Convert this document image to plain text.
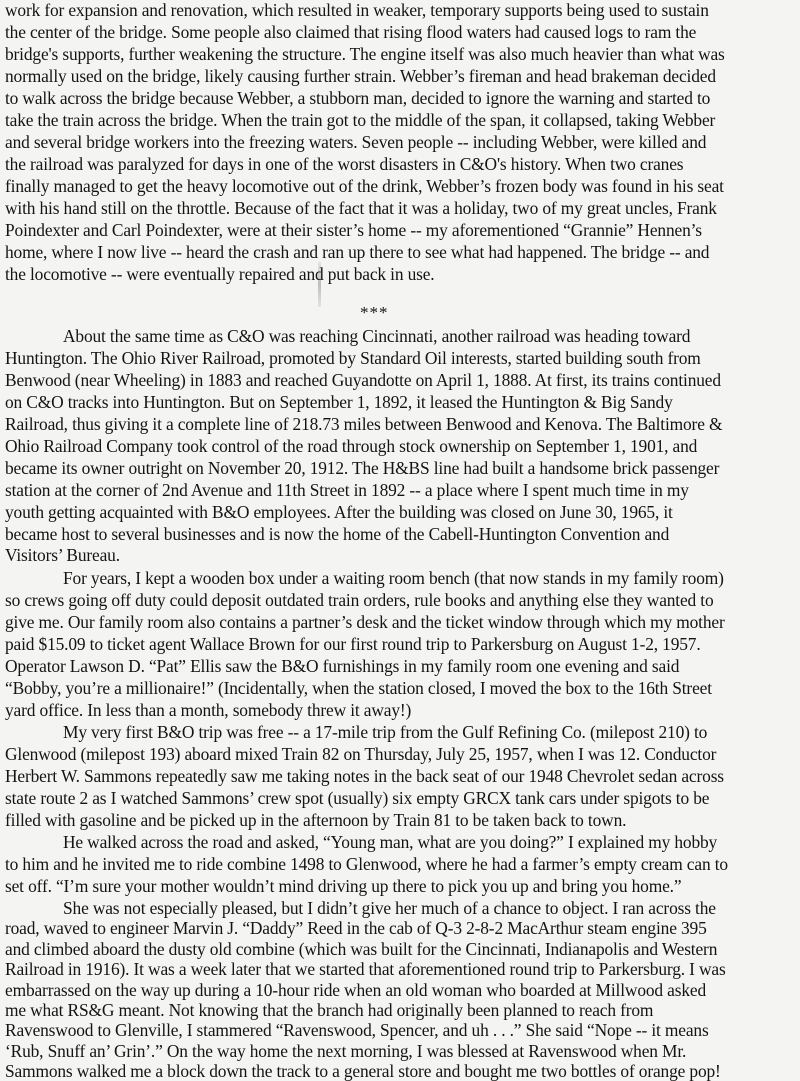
work for expansion and renovation, which resulted in weaker, temporary supports being used to sustain
the center of the bridge. Some people also claimed that rising flood waters had caused logs to ram the
bridge's supports, further weakening the structure. The engine itself was also much heavier than what was
normally used on the bridge, likely causing further strain. Webber’s fireman and head brakeman decided
to walk across the bridge because Webber, a stubborn man, decided to ignore the warning and started to
take the train across the bridge. When the train got to the middle of the span, it collapsed, taking Webber
and several bridge workers into the freezing waters. Seven people -- including Webber, were killed and
the railroad was paralyzed for days in one of the worst disasters in C&O's history. When two cranes
finally managed to get the heavy locomotive out of the drink, Webber’s frozen body was found in his seat
with his hand still on the throttle. Because of the fact that it was a holiday, two of my great uncles, Frank
Poindexter and Carl Poindexter, were at their sister’s home -- my aforementioned “Grannie” Hennen’s
home, where I now live -- heard the crash and ran up there to see what had happened. The bridge -- and
the locomotive -- were eventually repaired and put back in use.
***
About the same time as C&O was reaching Cincinnati, another railroad was heading toward
Huntington. The Ohio River Railroad, promoted by Standard Oil interests, started building south from
Benwood (near Wheeling) in 1883 and reached Guyandotte on April 1, 1888. At first, its trains continued
on C&O tracks into Huntington. But on September 1, 1892, it leased the Huntington & Big Sandy
Railroad, thus giving it a complete line of 218.73 miles between Benwood and Kenova. The Baltimore &
Ohio Railroad Company took control of the road through stock ownership on September 1, 1901, and
became its owner outright on November 20, 1912. The H&BS line had built a handsome brick passenger
station at the corner of 2nd Avenue and 11th Street in 1892 -- a place where I spent much time in my
youth getting acquainted with B&O employees. After the building was closed on June 30, 1965, it
became host to several businesses and is now the home of the Cabell-Huntington Convention and
Visitors’ Bureau.
For years, I kept a wooden box under a waiting room bench (that now stands in my family room)
so crews going off duty could deposit outdated train orders, rule books and anything else they wanted to
give me. Our family room also contains a partner’s desk and the ticket window through which my mother
paid $15.09 to ticket agent Wallace Brown for our first round trip to Parkersburg on August 1-2, 1957.
Operator Lawson D. “Pat” Ellis saw the B&O furnishings in my family room one evening and said
“Bobby, you’re a millionaire!” (Incidentally, when the station closed, I moved the box to the 16th Street
yard office. In less than a month, somebody threw it away!)
My very first B&O trip was free -- a 17-mile trip from the Gulf Refining Co. (milepost 210) to
Glenwood (milepost 193) aboard mixed Train 82 on Thursday, July 25, 1957, when I was 12. Conductor
Herbert W. Sammons repeatedly saw me taking notes in the back seat of our 1948 Chevrolet sedan across
state route 2 as I watched Sammons’ crew spot (usually) six empty GRCX tank cars under spigots to be
filled with gasoline and be picked up in the afternoon by Train 81 to be taken back to town.
He walked across the road and asked, “Young man, what are you doing?” I explained my hobby
to him and he invited me to ride combine 1498 to Glenwood, where he had a farmer’s empty cream can to
set off. “I’m sure your mother wouldn’t mind driving up there to pick you up and bring you home.”
She was not especially pleased, but I didn’t give her much of a chance to object. I ran across the
road, waved to engineer Marvin J. “Daddy” Reed in the cab of Q-3 2-8-2 MacArthur steam engine 395
and climbed aboard the dusty old combine (which was built for the Cincinnati, Indianapolis and Western
Railroad in 1916). It was a week later that we started that aforementioned round trip to Parkersburg. I was
embarrassed on the way up during a 10-hour ride when an old woman who boarded at Millwood asked
me what RS&G meant. Not knowing that the branch had originally been planned to reach from
Ravenswood to Glenville, I stammered “Ravenswood, Spencer, and uh . . .” She said “Nope -- it means
‘Rub, Snuff an’ Grin’.” On the way home the next morning, I was blessed at Ravenswood when Mr.
Sammons walked me a block down the track to a general store and bought me two bottles of orange pop!
